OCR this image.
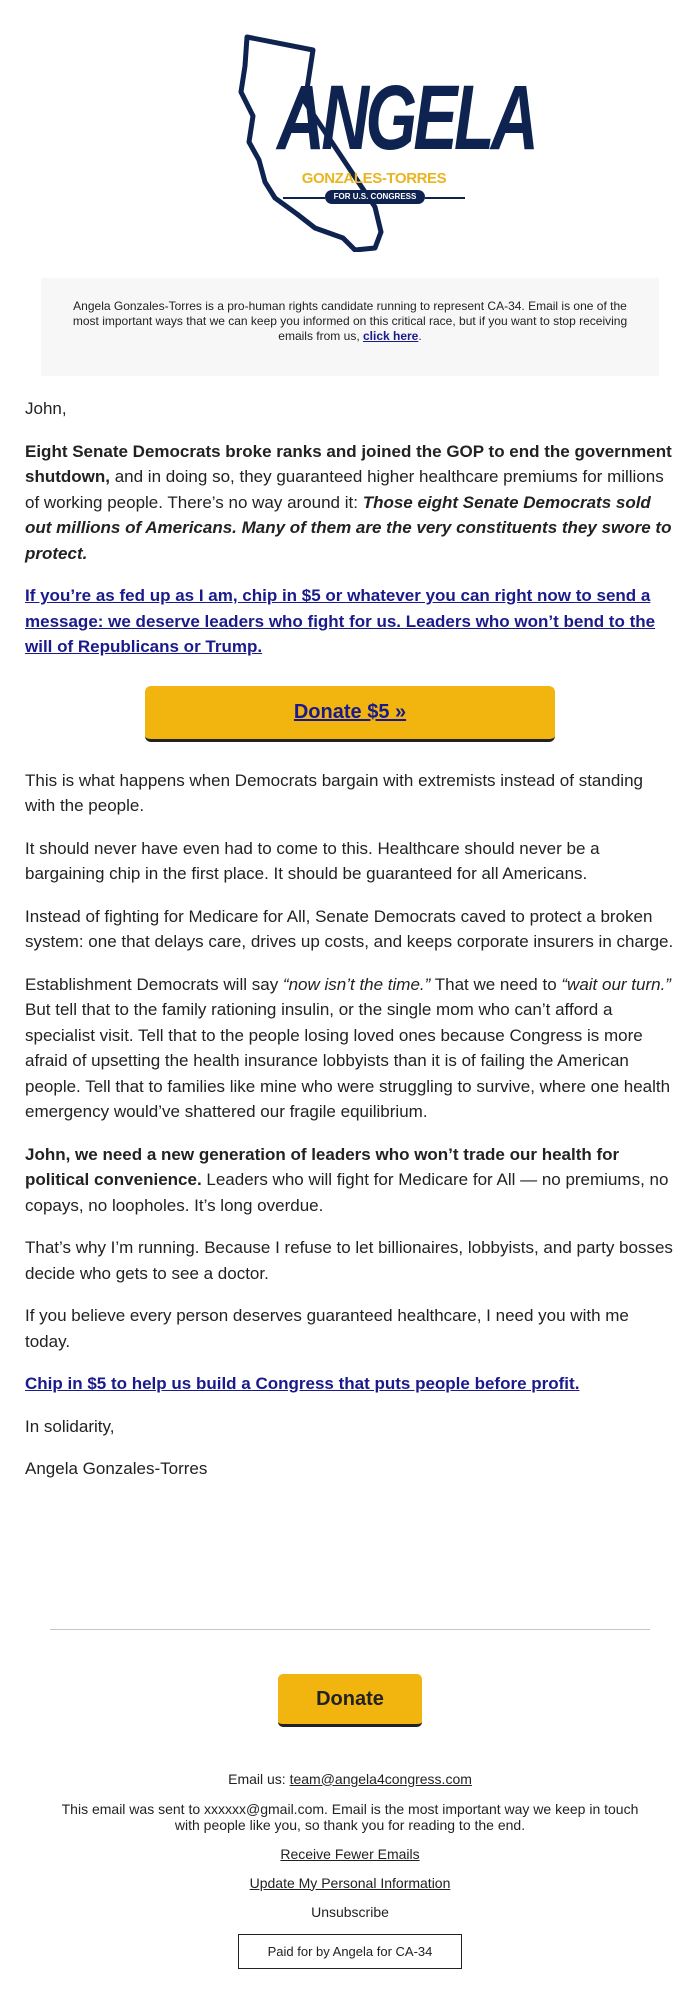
ANGELA
GONZALES-TORRES
FOR U.S. CONGRESS
Angela Gonzales-Torres is a pro-human rights candidate running to represent CA-34. Email is one of the most important ways that we can keep you informed on this critical race, but if you want to stop receiving emails from us, click here.

John,

Eight Senate Democrats broke ranks and joined the GOP to end the government shutdown, and in doing so, they guaranteed higher healthcare premiums for millions of working people. There’s no way around it: Those eight Senate Democrats sold out millions of Americans. Many of them are the very constituents they swore to protect.

If you’re as fed up as I am, chip in $5 or whatever you can right now to send a message: we deserve leaders who fight for us. Leaders who won’t bend to the will of Republicans or Trump.

Donate $5 »

This is what happens when Democrats bargain with extremists instead of standing with the people.

It should never have even had to come to this. Healthcare should never be a bargaining chip in the first place. It should be guaranteed for all Americans.

Instead of fighting for Medicare for All, Senate Democrats caved to protect a broken system: one that delays care, drives up costs, and keeps corporate insurers in charge.

Establishment Democrats will say “now isn’t the time.” That we need to “wait our turn.” But tell that to the family rationing insulin, or the single mom who can’t afford a specialist visit. Tell that to the people losing loved ones because Congress is more afraid of upsetting the health insurance lobbyists than it is of failing the American people. Tell that to families like mine who were struggling to survive, where one health emergency would’ve shattered our fragile equilibrium.

John, we need a new generation of leaders who won’t trade our health for political convenience. Leaders who will fight for Medicare for All — no premiums, no copays, no loopholes. It’s long overdue.

That’s why I’m running. Because I refuse to let billionaires, lobbyists, and party bosses decide who gets to see a doctor.

If you believe every person deserves guaranteed healthcare, I need you with me today.

Chip in $5 to help us build a Congress that puts people before profit.

In solidarity,

Angela Gonzales-Torres

Donate
Email us: team@angela4congress.com
This email was sent to xxxxxx@gmail.com. Email is the most important way we keep in touch with people like you, so thank you for reading to the end.
Receive Fewer Emails
Update My Personal Information
Unsubscribe
Paid for by Angela for CA-34
